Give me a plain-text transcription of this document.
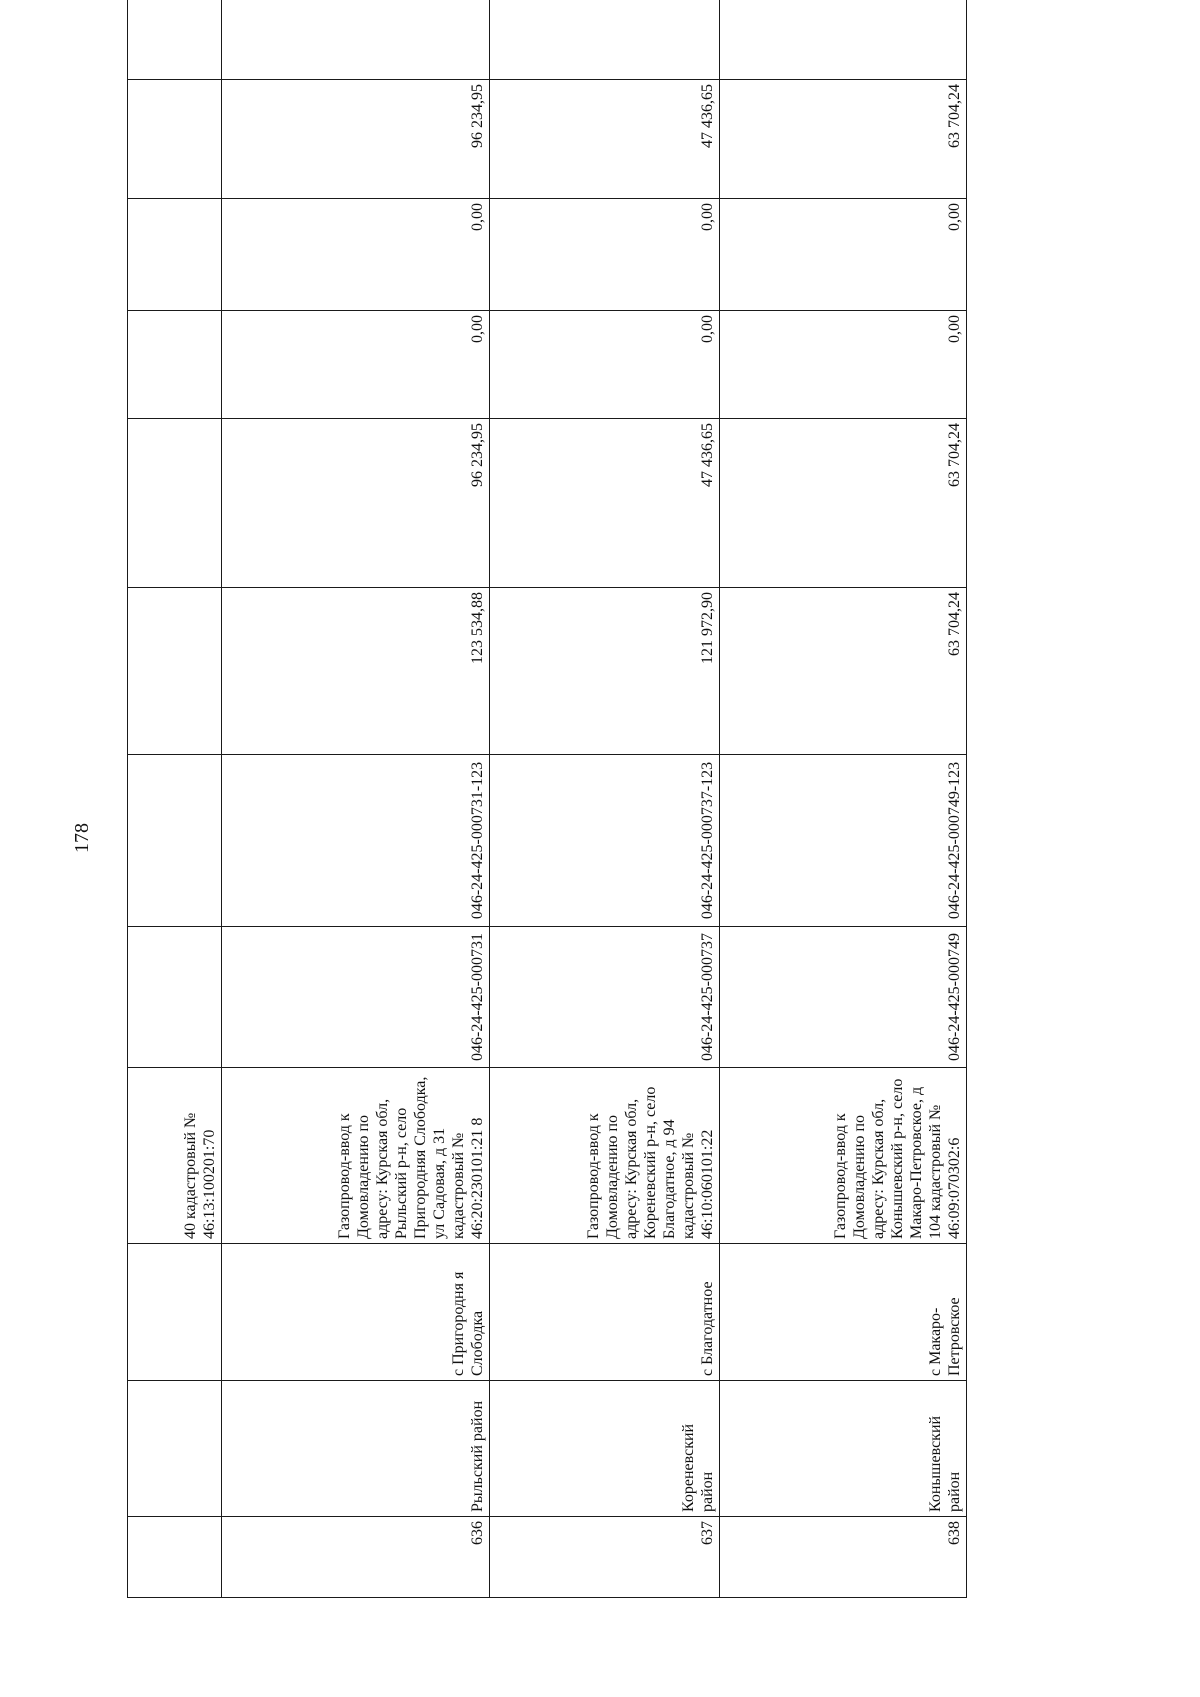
178
			40 кадастровый № 46:13:100201:70								
636	Рыльский район	с Пригородня я Слободка	Газопровод-ввод к Домовладению по адресу: Курская обл, Рыльский р-н, село Пригородняя Слободка, ул Садовая, д 31 кадастровый № 46:20:230101:21 8	046-24-425-000731	046-24-425-000731-123	123 534,88	96 234,95	0,00	0,00	96 234,95	
637	Кореневский район	с Благодатное	Газопровод-ввод к Домовладению по адресу: Курская обл, Кореневский р-н, село Благодатное, д 94 кадастровый № 46:10:060101:22	046-24-425-000737	046-24-425-000737-123	121 972,90	47 436,65	0,00	0,00	47 436,65	
638	Конышевский район	с Макаро-Петровское	Газопровод-ввод к Домовладению по адресу: Курская обл, Конышевский р-н, село Макаро-Петровское, д 104 кадастровый № 46:09:070302:6	046-24-425-000749	046-24-425-000749-123	63 704,24	63 704,24	0,00	0,00	63 704,24	
